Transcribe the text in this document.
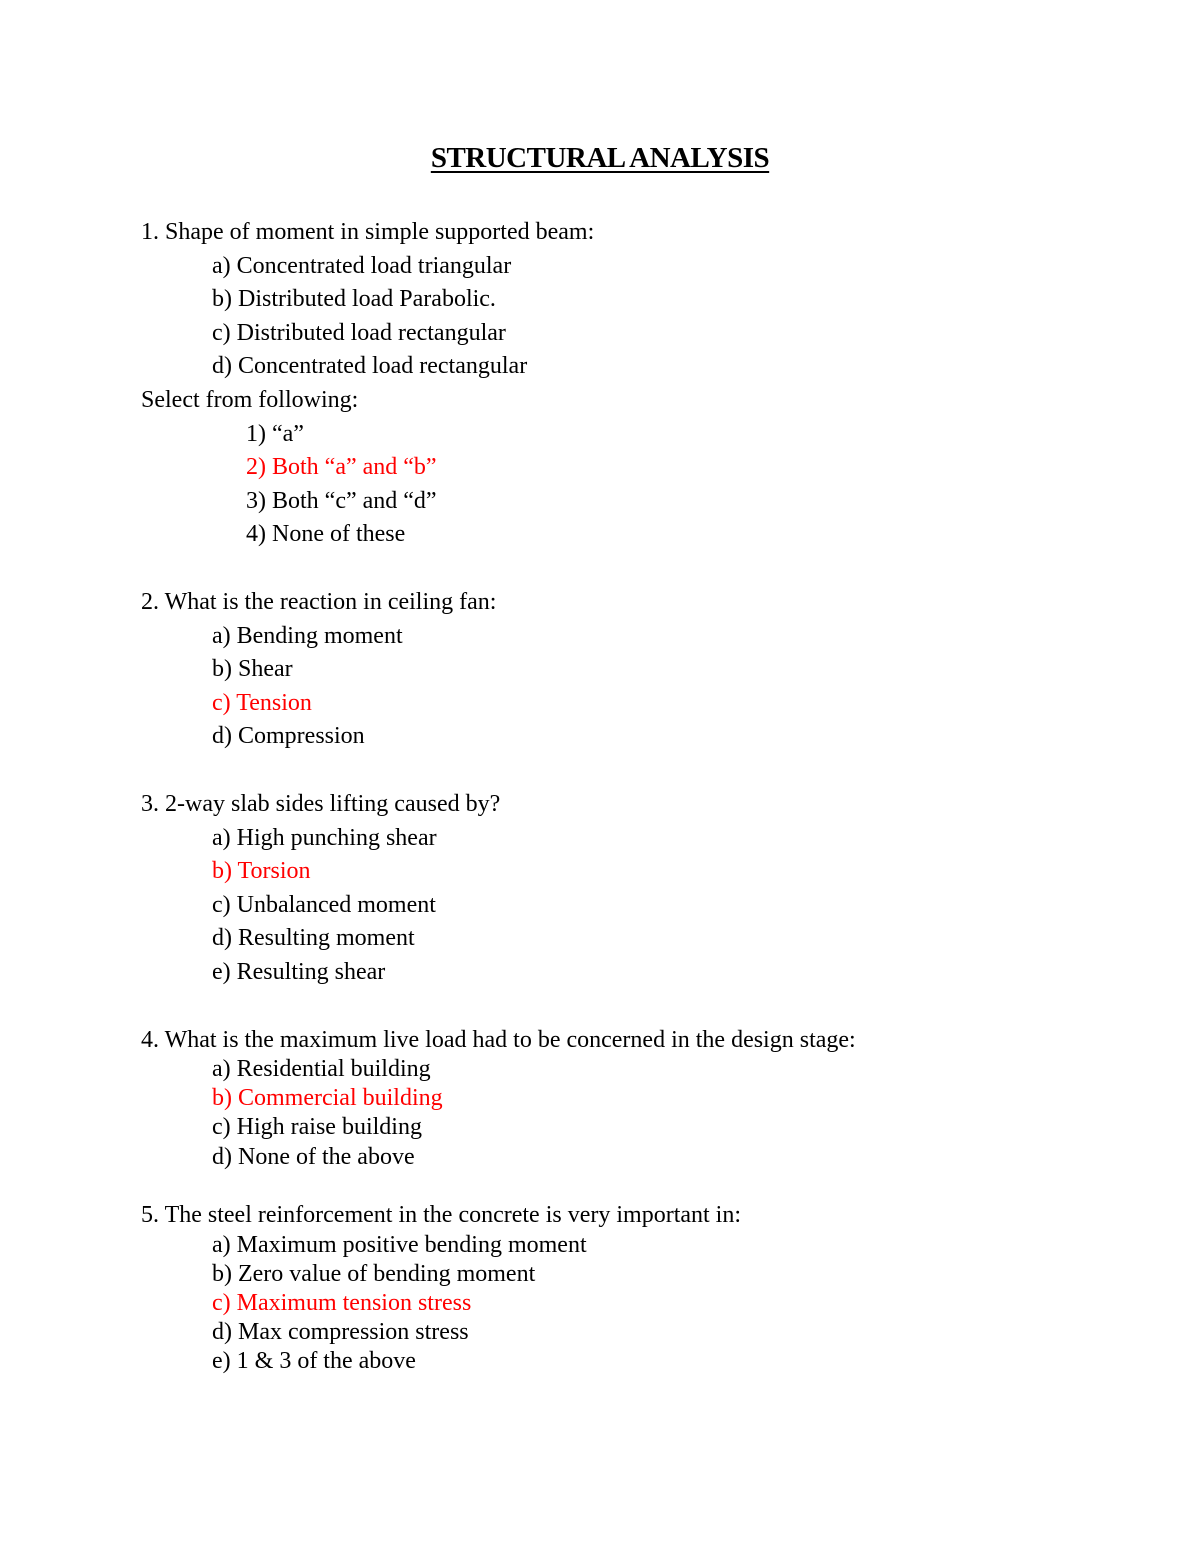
STRUCTURAL ANALYSIS
1. Shape of moment in simple supported beam:
a) Concentrated load triangular
b) Distributed load Parabolic.
c) Distributed load rectangular
d) Concentrated load rectangular
Select from following:
1) “a”
2) Both “a” and “b”
3) Both “c” and “d”
4) None of these
2. What is the reaction in ceiling fan:
a) Bending moment
b) Shear
c) Tension
d) Compression
3. 2-way slab sides lifting caused by?
a) High punching shear
b) Torsion
c) Unbalanced moment
d) Resulting moment
e) Resulting shear
4. What is the maximum live load had to be concerned in the design stage:
a) Residential building
b) Commercial building
c) High raise building
d) None of the above
5. The steel reinforcement in the concrete is very important in:
a) Maximum positive bending moment
b) Zero value of bending moment
c) Maximum tension stress
d) Max compression stress
e) 1 & 3 of the above
